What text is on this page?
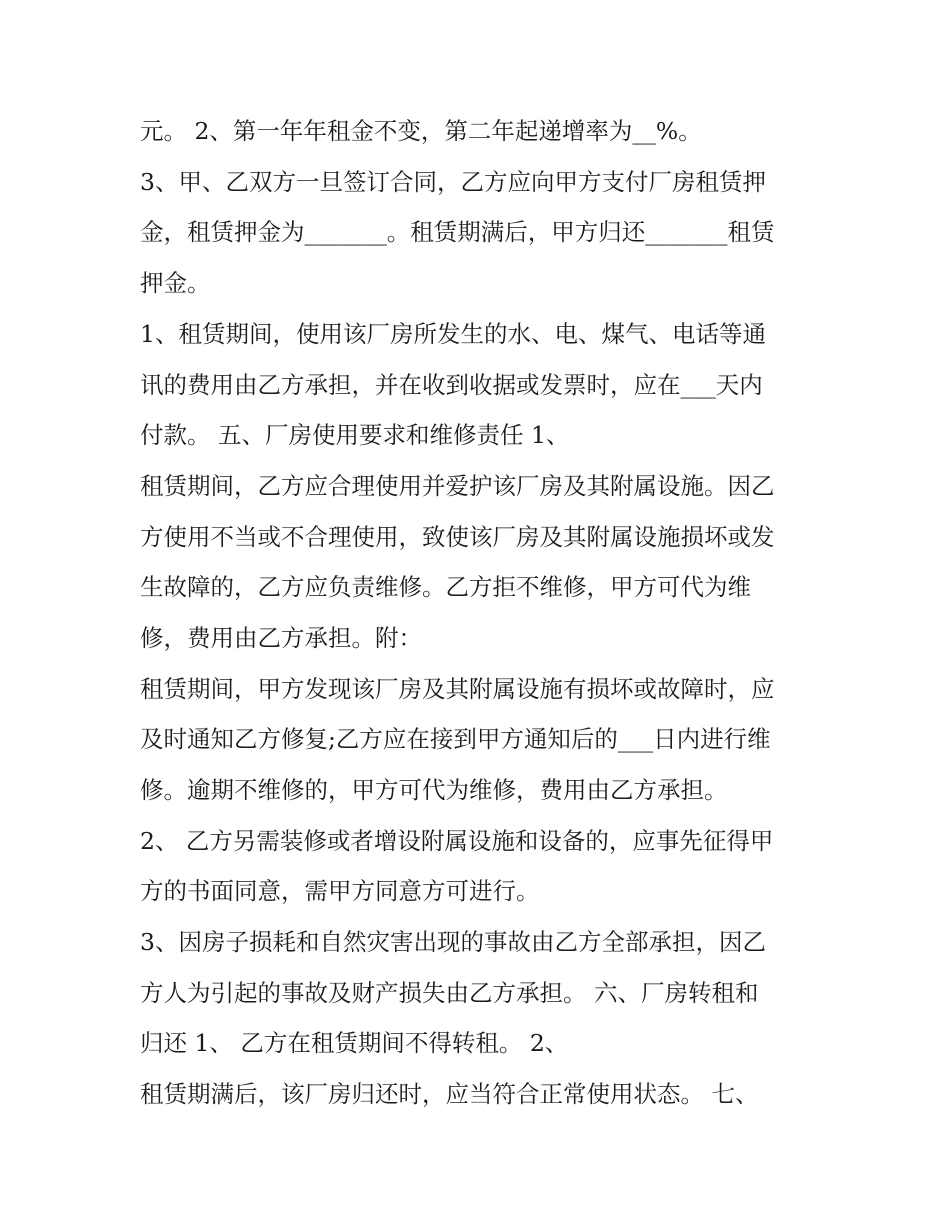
元。 2、第一年年租金不变，第二年起递增率为__%。
3、甲、乙双方一旦签订合同，乙方应向甲方支付厂房租赁押
金，租赁押金为_______。租赁期满后，甲方归还_______租赁
押金。
1、租赁期间，使用该厂房所发生的水、电、煤气、电话等通
讯的费用由乙方承担，并在收到收据或发票时，应在___天内
付款。 五、厂房使用要求和维修责任 1、
租赁期间，乙方应合理使用并爱护该厂房及其附属设施。因乙
方使用不当或不合理使用，致使该厂房及其附属设施损坏或发
生故障的，乙方应负责维修。乙方拒不维修，甲方可代为维
修，费用由乙方承担。附：
租赁期间，甲方发现该厂房及其附属设施有损坏或故障时，应
及时通知乙方修复;乙方应在接到甲方通知后的___日内进行维
修。逾期不维修的，甲方可代为维修，费用由乙方承担。
2、 乙方另需装修或者增设附属设施和设备的，应事先征得甲
方的书面同意，需甲方同意方可进行。
3、因房子损耗和自然灾害出现的事故由乙方全部承担，因乙
方人为引起的事故及财产损失由乙方承担。 六、厂房转租和
归还 1、 乙方在租赁期间不得转租。 2、
租赁期满后，该厂房归还时，应当符合正常使用状态。 七、
